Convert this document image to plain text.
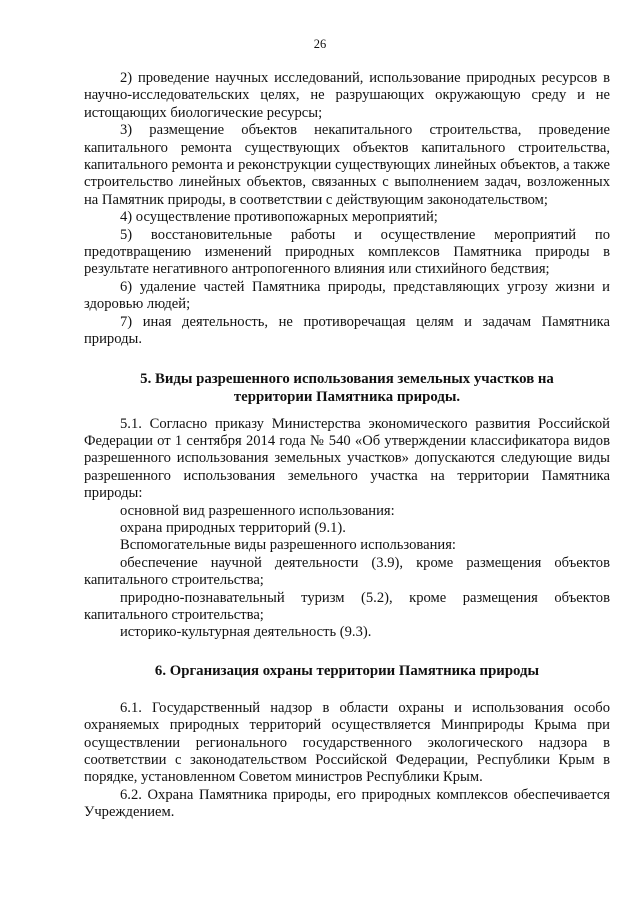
26

2) проведение научных исследований, использование природных ресурсов в научно-исследовательских целях, не разрушающих окружающую среду и не истощающих биологические ресурсы;

3) размещение объектов некапитального строительства, проведение капитального ремонта существующих объектов капитального строительства, капитального ремонта и реконструкции существующих линейных объектов, а также строительство линейных объектов, связанных с выполнением задач, возложенных на Памятник природы, в соответствии с действующим законодательством;

4) осуществление противопожарных мероприятий;

5) восстановительные работы и осуществление мероприятий по предотвращению изменений природных комплексов Памятника природы в результате негативного антропогенного влияния или стихийного бедствия;

6) удаление частей Памятника природы, представляющих угрозу жизни и здоровью людей;

7) иная деятельность, не противоречащая целям и задачам Памятника природы.

5. Виды разрешенного использования земельных участков на

территории Памятника природы.

5.1. Согласно приказу Министерства экономического развития Российской Федерации от 1 сентября 2014 года № 540 «Об утверждении классификатора видов разрешенного использования земельных участков» допускаются следующие виды разрешенного использования земельного участка на территории Памятника природы:

основной вид разрешенного использования:

охрана природных территорий (9.1).

Вспомогательные виды разрешенного использования:

обеспечение научной деятельности (3.9), кроме размещения объектов капитального строительства;

природно-познавательный туризм (5.2), кроме размещения объектов капитального строительства;

историко-культурная деятельность (9.3).

6. Организация охраны территории Памятника природы

6.1. Государственный надзор в области охраны и использования особо охраняемых природных территорий осуществляется Минприроды Крыма при осуществлении регионального государственного экологического надзора в соответствии с законодательством Российской Федерации, Республики Крым в порядке, установленном Советом министров Республики Крым.

6.2. Охрана Памятника природы, его природных комплексов обеспечивается Учреждением.
